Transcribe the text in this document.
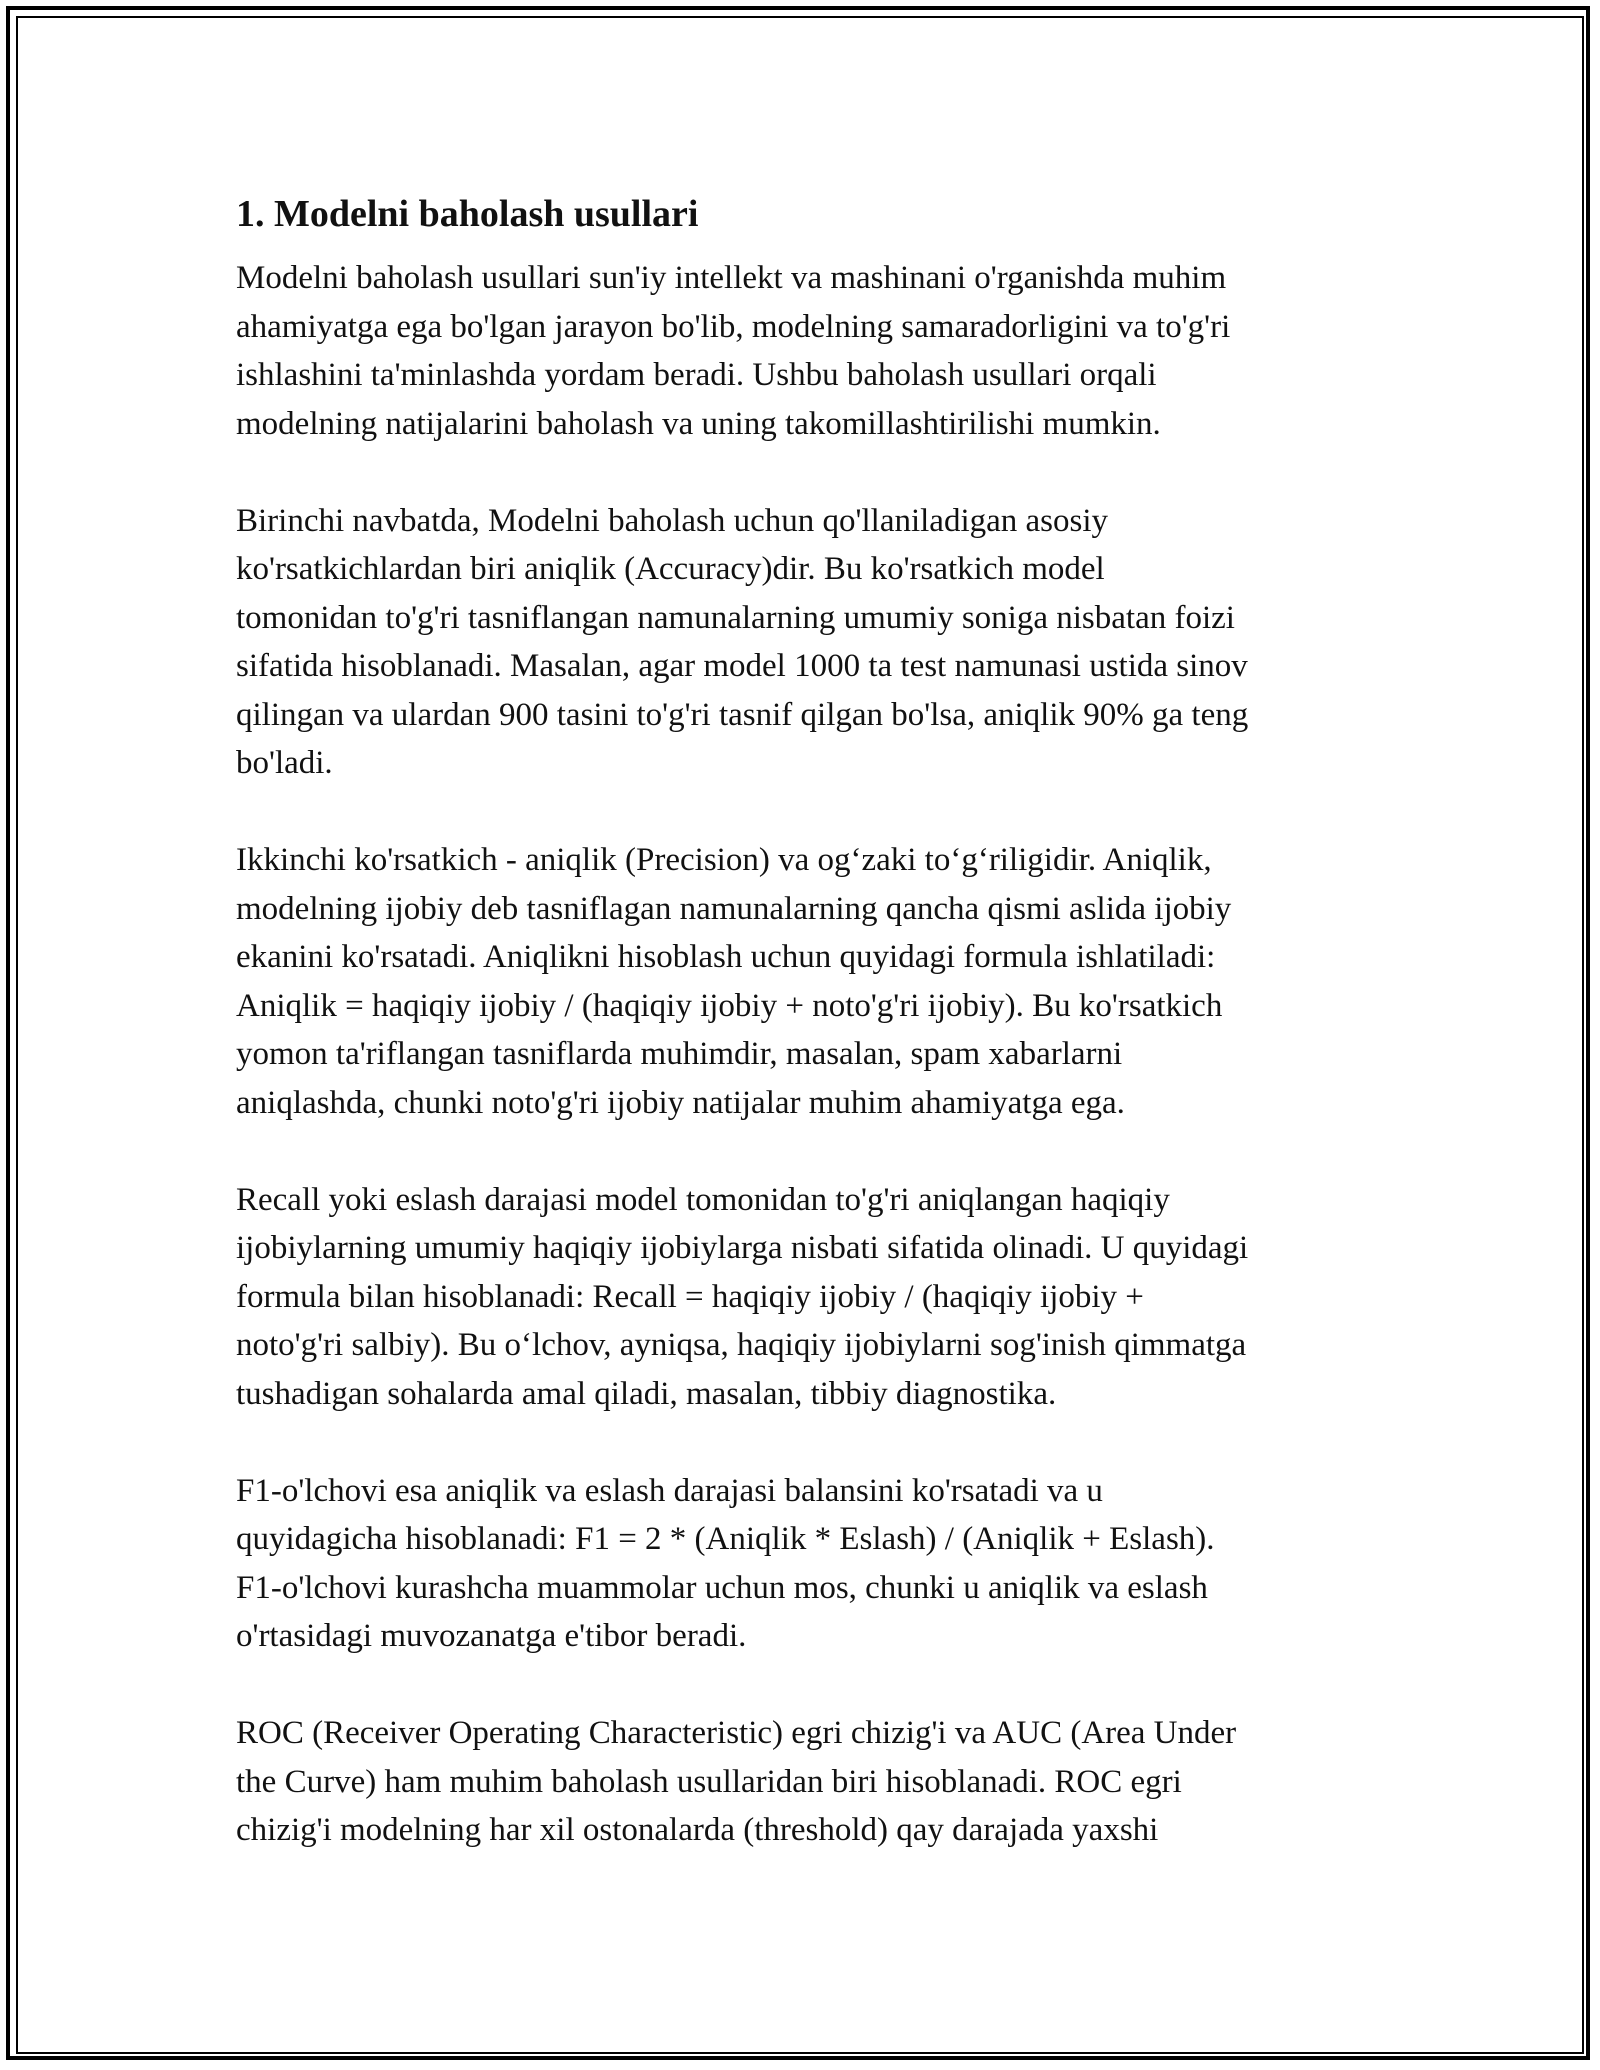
1. Modelni baholash usullari
Modelni baholash usullari sun'iy intellekt va mashinani o'rganishda muhim
ahamiyatga ega bo'lgan jarayon bo'lib, modelning samaradorligini va to'g'ri
ishlashini ta'minlashda yordam beradi. Ushbu baholash usullari orqali
modelning natijalarini baholash va uning takomillashtirilishi mumkin.
Birinchi navbatda, Modelni baholash uchun qo'llaniladigan asosiy
ko'rsatkichlardan biri aniqlik (Accuracy)dir. Bu ko'rsatkich model
tomonidan to'g'ri tasniflangan namunalarning umumiy soniga nisbatan foizi
sifatida hisoblanadi. Masalan, agar model 1000 ta test namunasi ustida sinov
qilingan va ulardan 900 tasini to'g'ri tasnif qilgan bo'lsa, aniqlik 90% ga teng
bo'ladi.
Ikkinchi ko'rsatkich - aniqlik (Precision) va og‘zaki to‘g‘riligidir. Aniqlik,
modelning ijobiy deb tasniflagan namunalarning qancha qismi aslida ijobiy
ekanini ko'rsatadi. Aniqlikni hisoblash uchun quyidagi formula ishlatiladi:
Aniqlik = haqiqiy ijobiy / (haqiqiy ijobiy + noto'g'ri ijobiy). Bu ko'rsatkich
yomon ta'riflangan tasniflarda muhimdir, masalan, spam xabarlarni
aniqlashda, chunki noto'g'ri ijobiy natijalar muhim ahamiyatga ega.
Recall yoki eslash darajasi model tomonidan to'g'ri aniqlangan haqiqiy
ijobiylarning umumiy haqiqiy ijobiylarga nisbati sifatida olinadi. U quyidagi
formula bilan hisoblanadi: Recall = haqiqiy ijobiy / (haqiqiy ijobiy +
noto'g'ri salbiy). Bu o‘lchov, ayniqsa, haqiqiy ijobiylarni sog'inish qimmatga
tushadigan sohalarda amal qiladi, masalan, tibbiy diagnostika.
F1-o'lchovi esa aniqlik va eslash darajasi balansini ko'rsatadi va u
quyidagicha hisoblanadi: F1 = 2 * (Aniqlik * Eslash) / (Aniqlik + Eslash).
F1-o'lchovi kurashcha muammolar uchun mos, chunki u aniqlik va eslash
o'rtasidagi muvozanatga e'tibor beradi.
ROC (Receiver Operating Characteristic) egri chizig'i va AUC (Area Under
the Curve) ham muhim baholash usullaridan biri hisoblanadi. ROC egri
chizig'i modelning har xil ostonalarda (threshold) qay darajada yaxshi
